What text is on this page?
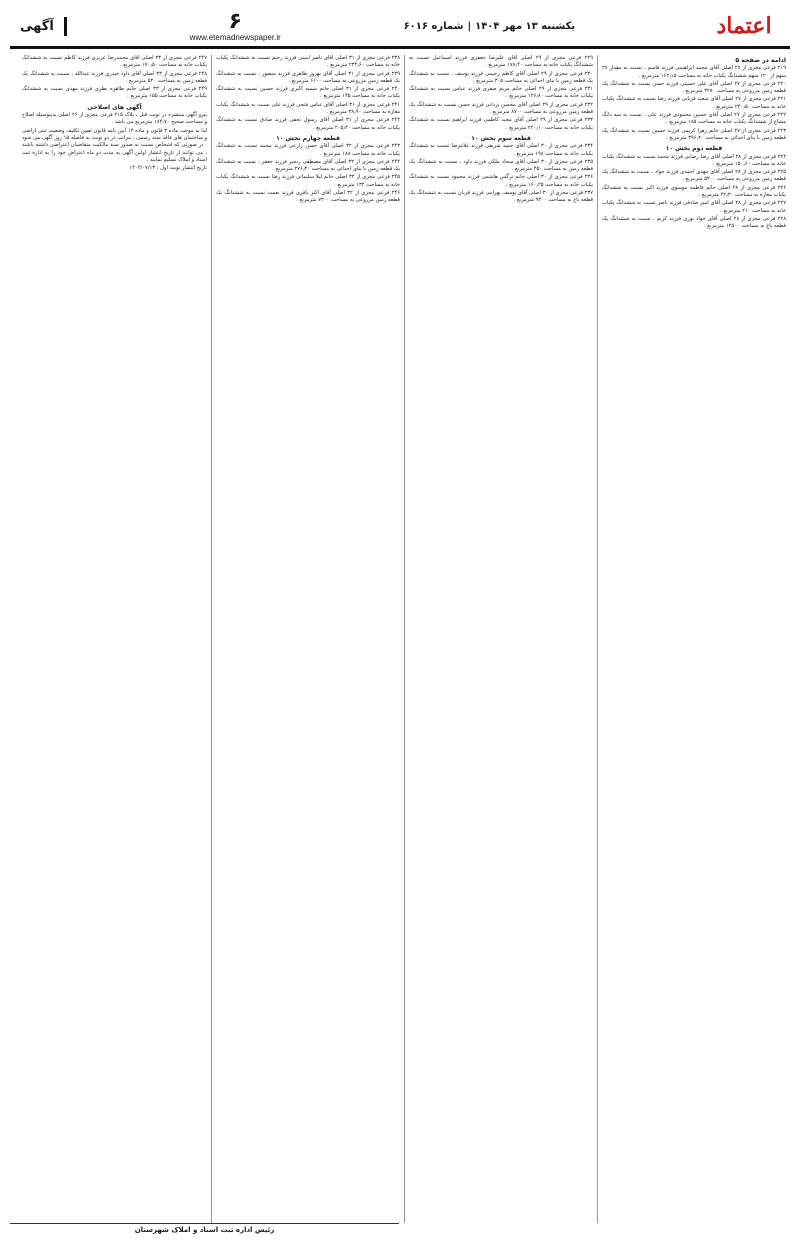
اعتماد
یکشنبه ۱۳ مهر ۱۴۰۴|شماره ۶۰۱۶
۶
www.etemadnewspaper.ir
آگهی

ادامه در صفحه ۵

۲۱۹ فرعی مجزی از ۲۷ اصلی آقای محمد ابراهیمی فرزند قاسم ، نسبت به مقدار ۲۷ سهم از ۱۲۰ سهم ششدانگ یکباب خانه به مساحت ۱۶۲٫۱۵ مترمربع .

۲۲۰ فرعی مجزی از ۲۷ اصلی آقای علی حسینی فرزند حسن نسبت به ششدانگ یک قطعه زمین مزروعی به مساحت ۳۲۸۰ مترمربع .

۲۲۱ فرعی مجزی از ۲۷ اصلی آقای سعید قربانی فرزند رضا نسبت به ششدانگ یکباب خانه به مساحت ۲۴۰٫۵۰ مترمربع .

۲۲۲ فرعی مجزی از ۲۷ اصلی آقای حسین محمودی فرزند علی ، نسبت به سه دانگ مشاع از ششدانگ یکباب خانه به مساحت ۱۸۵ مترمربع .

۲۲۳ فرعی مجزی از ۲۷ اصلی خانم زهرا کریمی فرزند حسین نسبت به ششدانگ یک قطعه زمین با بنای احداثی به مساحت ۳۹۶٫۲۰ مترمربع .

قطعه دوم بخش ۱۰

۲۲۴ فرعی مجزی از ۲۸ اصلی آقای رضا رضایی فرزند محمد نسبت به ششدانگ یکباب خانه به مساحت ۱۵۰٫۶۰ مترمربع .

۲۲۵ فرعی مجزی از ۲۸ اصلی آقای مهدی احمدی فرزند جواد ، نسبت به ششدانگ یک قطعه زمین مزروعی به مساحت ۵۴۰۰ مترمربع .

۲۲۶ فرعی مجزی از ۲۸ اصلی خانم فاطمه موسوی فرزند اکبر نسبت به ششدانگ یکباب مغازه به مساحت ۴۲٫۳۰ مترمربع .

۲۲۷ فرعی مجزی از ۲۸ اصلی آقای امیر صادقی فرزند ناصر نسبت به ششدانگ یکباب خانه به مساحت ۲۱۰ مترمربع .

۲۲۸ فرعی مجزی از ۲۸ اصلی آقای جواد نوری فرزند کریم ، نسبت به ششدانگ یک قطعه باغ به مساحت ۱۲۵۰۰ مترمربع .

۲۲۹ فرعی مجزی از ۲۹ اصلی آقای علیرضا جعفری فرزند اسماعیل نسبت به ششدانگ یکباب خانه به مساحت ۱۷۸٫۴۰ مترمربع .

۲۳۰ فرعی مجزی از ۲۹ اصلی آقای کاظم رحیمی فرزند یوسف ، نسبت به ششدانگ یک قطعه زمین با بنای احداثی به مساحت ۳۰۵ مترمربع .

۲۳۱ فرعی مجزی از ۲۹ اصلی خانم مریم صفری فرزند عباس نسبت به ششدانگ یکباب خانه به مساحت ۱۲۶٫۸۰ مترمربع .

۲۳۲ فرعی مجزی از ۲۹ اصلی آقای محسن یزدانی فرزند حسن نسبت به ششدانگ یک قطعه زمین مزروعی به مساحت ۸۷۰۰ مترمربع .

۲۳۳ فرعی مجزی از ۲۹ اصلی آقای مجید کاظمی فرزند ابراهیم نسبت به ششدانگ یکباب خانه به مساحت ۲۲۰٫۱۰ مترمربع .

قطعه سوم بخش ۱۰

۲۳۴ فرعی مجزی از ۳۰ اصلی آقای حمید شریفی فرزند غلامرضا نسبت به ششدانگ یکباب خانه به مساحت ۱۹۸ مترمربع .

۲۳۵ فرعی مجزی از ۳۰ اصلی آقای سجاد ملکی فرزند داود ، نسبت به ششدانگ یک قطعه زمین به مساحت ۴۵۰ مترمربع .

۲۳۶ فرعی مجزی از ۳۰ اصلی خانم نرگس هاشمی فرزند محمود نسبت به ششدانگ یکباب خانه به مساحت ۱۶۰٫۲۵ مترمربع .

۲۳۷ فرعی مجزی از ۳۰ اصلی آقای یوسف بهرامی فرزند قربان نسبت به ششدانگ یک قطعه باغ به مساحت ۹۳۰۰ مترمربع .

۲۳۸ فرعی مجزی از ۳۱ اصلی آقای ناصر امینی فرزند رحیم نسبت به ششدانگ یکباب خانه به مساحت ۲۳۴٫۶۰ مترمربع .

۲۳۹ فرعی مجزی از ۳۱ اصلی آقای بهروز طاهری فرزند منصور ، نسبت به ششدانگ یک قطعه زمین مزروعی به مساحت ۶۱۰۰ مترمربع .

۲۴۰ فرعی مجزی از ۳۱ اصلی خانم سمیه اکبری فرزند حسین نسبت به ششدانگ یکباب خانه به مساحت ۱۴۵ مترمربع .

۲۴۱ فرعی مجزی از ۳۱ اصلی آقای عباس فتحی فرزند علی نسبت به ششدانگ یکباب مغازه به مساحت ۳۸٫۹۰ مترمربع .

۲۴۲ فرعی مجزی از ۳۱ اصلی آقای رسول نجفی فرزند صادق نسبت به ششدانگ یکباب خانه به مساحت ۲۰۵٫۳۰ مترمربع .

قطعه چهارم بخش ۱۰

۲۴۳ فرعی مجزی از ۳۲ اصلی آقای حسن زارعی فرزند محمد نسبت به ششدانگ یکباب خانه به مساحت ۱۸۸ مترمربع .

۲۴۴ فرعی مجزی از ۳۲ اصلی آقای مصطفی رنجبر فرزند جعفر ، نسبت به ششدانگ یک قطعه زمین با بنای احداثی به مساحت ۲۷۶٫۴۰ مترمربع .

۲۴۵ فرعی مجزی از ۳۲ اصلی خانم لیلا سلیمانی فرزند رضا نسبت به ششدانگ یکباب خانه به مساحت ۱۳۲ مترمربع .

۲۴۶ فرعی مجزی از ۳۲ اصلی آقای اکبر باقری فرزند نعمت نسبت به ششدانگ یک قطعه زمین مزروعی به مساحت ۷۲۰۰ مترمربع .

۲۴۷ فرعی مجزی از ۳۳ اصلی آقای محمدرضا عزیزی فرزند کاظم نسبت به ششدانگ یکباب خانه به مساحت ۱۷۰٫۵۰ مترمربع .

۲۴۸ فرعی مجزی از ۳۳ اصلی آقای داود حیدری فرزند عبدالله ، نسبت به ششدانگ یک قطعه زمین به مساحت ۵۲۰ مترمربع .

۲۴۹ فرعی مجزی از ۳۳ اصلی خانم طاهره نظری فرزند مهدی نسبت به ششدانگ یکباب خانه به مساحت ۱۵۵ مترمربع .

آگهی های اصلاحی

پیرو آگهی منتشره در نوبت قبل ، پلاک ۲۱۵ فرعی مجزی از ۲۶ اصلی بدینوسیله اصلاح و مساحت صحیح ۱۸۴٫۷۰ مترمربع می باشد .

لذا به موجب ماده ۳ قانون و ماده ۱۳ آیین نامه قانون تعیین تکلیف وضعیت ثبتی اراضی و ساختمان های فاقد سند رسمی ، مراتب در دو نوبت به فاصله ۱۵ روز آگهی می شود . در صورتی که اشخاص نسبت به صدور سند مالکیت متقاضیان اعتراضی داشته باشند ، می توانند از تاریخ انتشار اولین آگهی به مدت دو ماه اعتراض خود را به اداره ثبت اسناد و املاک تسلیم نمایند .

تاریخ انتشار نوبت اول : ۱۴۰۴/۰۷/۱۳

رئیس اداره ثبت اسناد و املاک شهرستان
